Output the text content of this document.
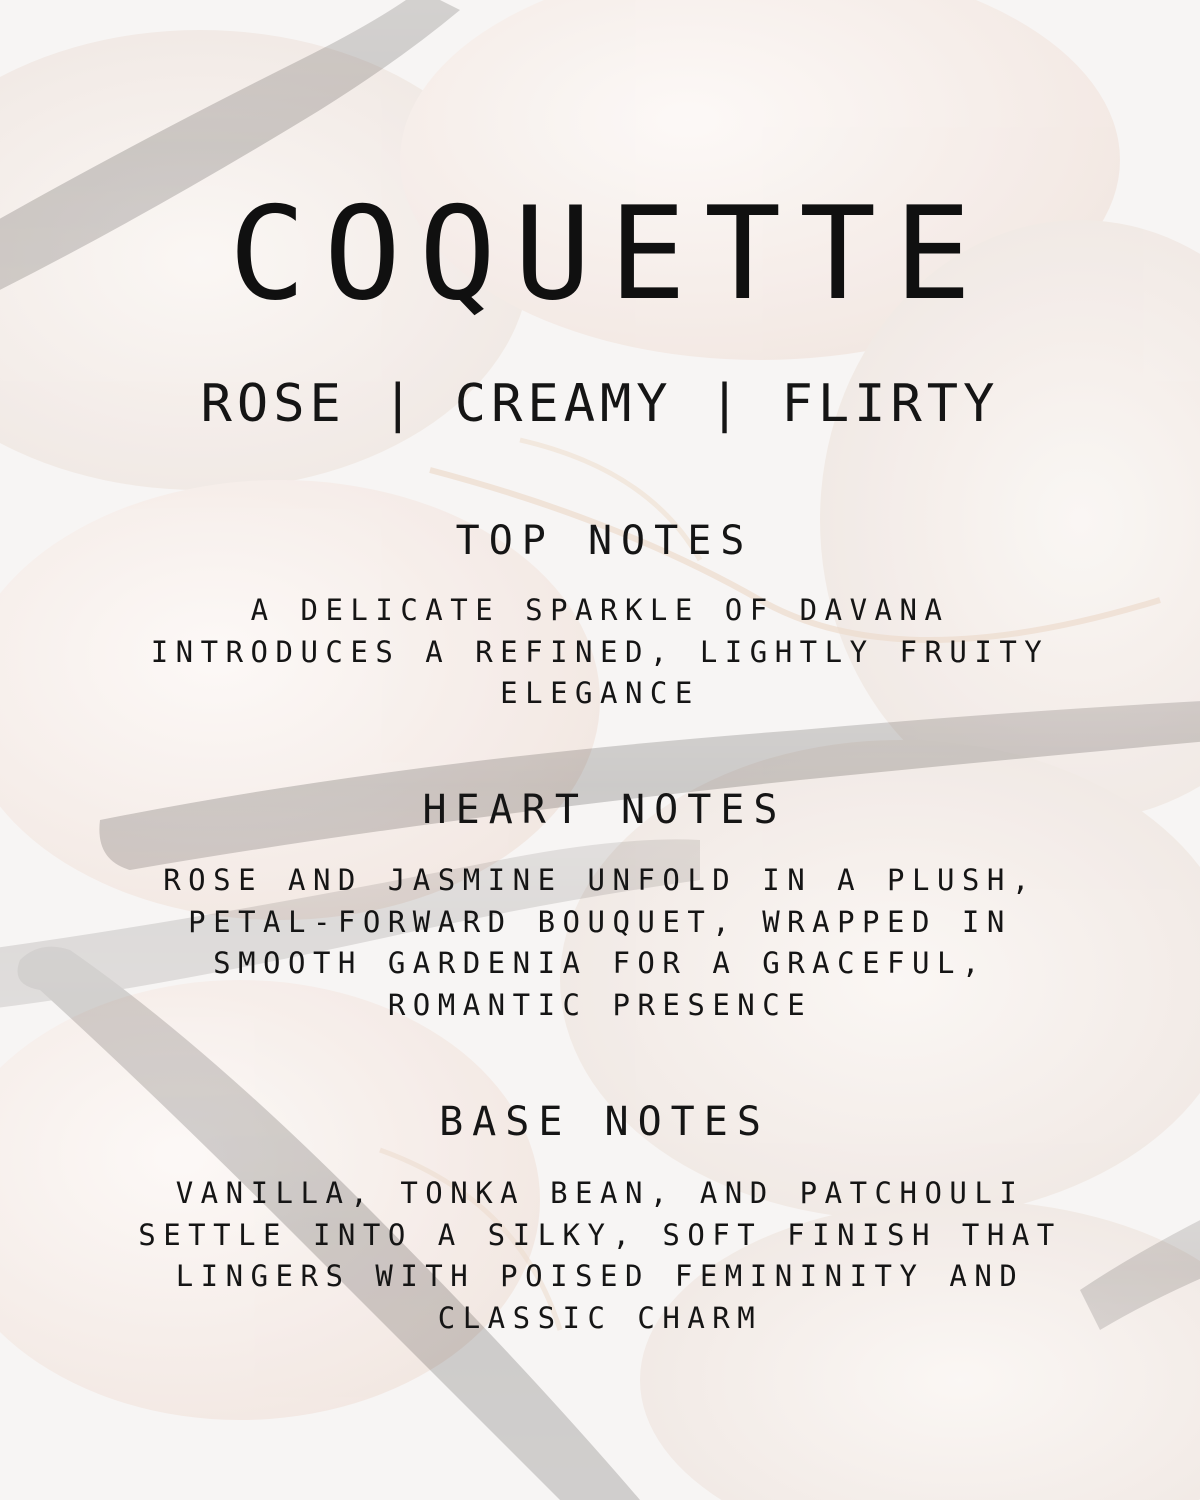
COQUETTE
ROSE | CREAMY | FLIRTY
TOP NOTES
A DELICATE SPARKLE OF DAVANA
INTRODUCES A REFINED, LIGHTLY FRUITY
ELEGANCE
HEART NOTES
ROSE AND JASMINE UNFOLD IN A PLUSH,
PETAL-FORWARD BOUQUET, WRAPPED IN
SMOOTH GARDENIA FOR A GRACEFUL,
ROMANTIC PRESENCE
BASE NOTES
VANILLA, TONKA BEAN, AND PATCHOULI
SETTLE INTO A SILKY, SOFT FINISH THAT
LINGERS WITH POISED FEMININITY AND
CLASSIC CHARM
